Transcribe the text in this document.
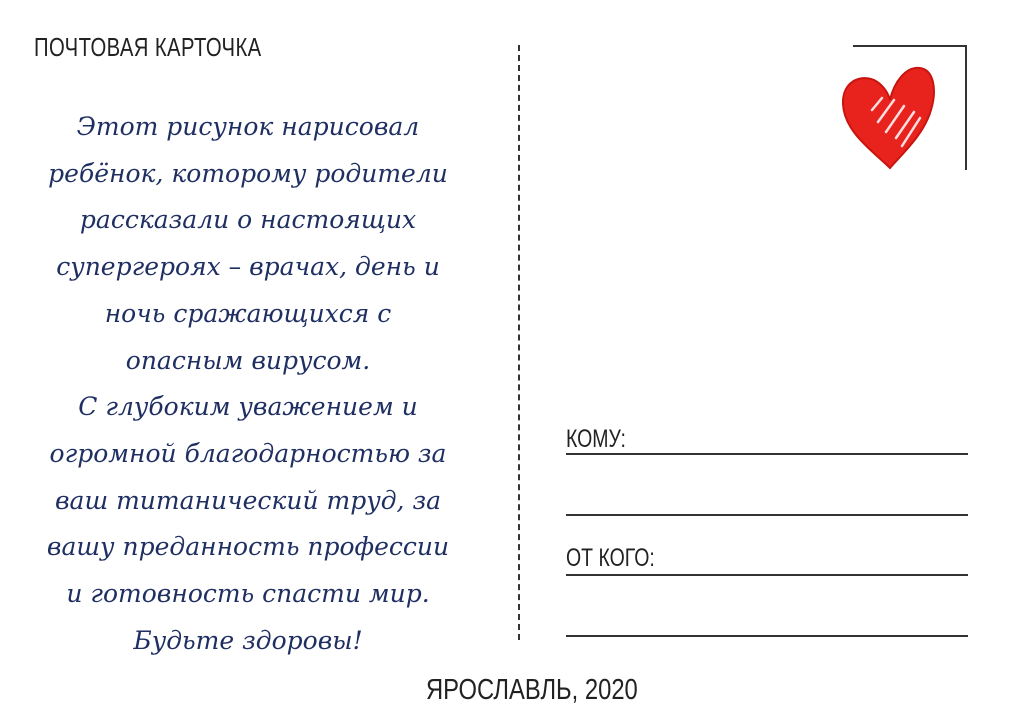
ПОЧТОВАЯ КАРТОЧКА
Этот рисунок нарисовал
ребёнок, которому родители
рассказали о настоящих
супергероях – врачах, день и
ночь сражающихся с
опасным вирусом.
С глубоким уважением и
огромной благодарностью за
ваш титанический труд, за
вашу преданность профессии
и готовность спасти мир.
Будьте здоровы!
КОМУ:
ОТ КОГО:
ЯРОСЛАВЛЬ, 2020
